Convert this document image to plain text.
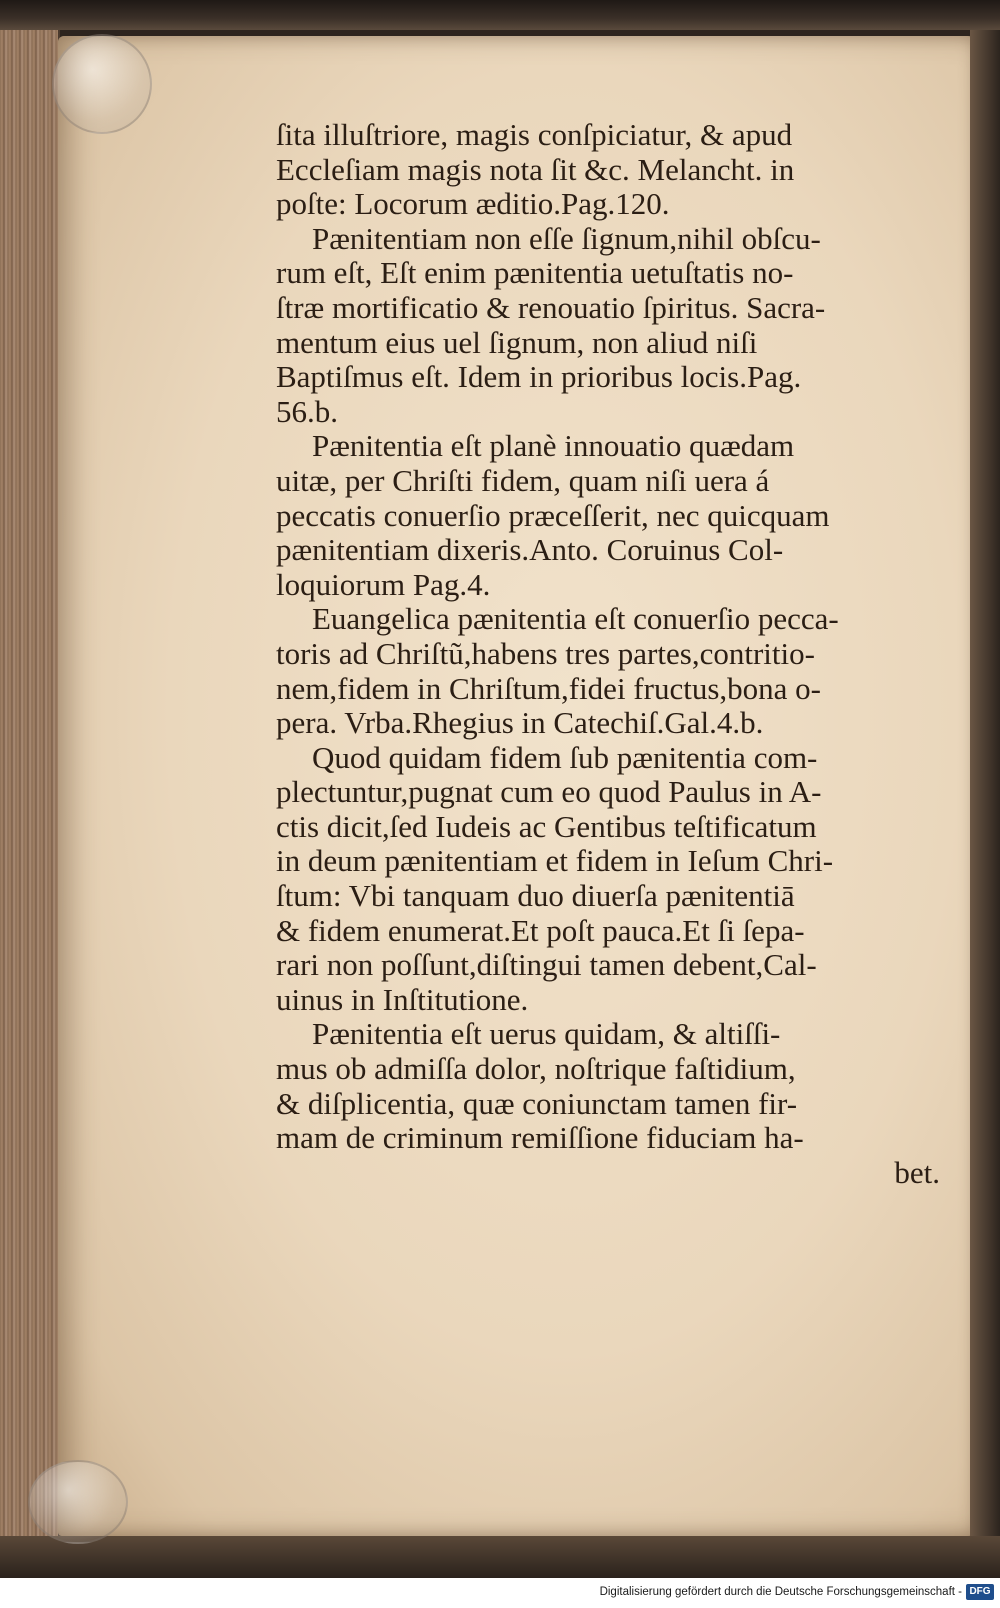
ſita illuſtriore, magis conſpiciatur, & apud
Eccleſiam magis nota ſit &c. Melancht. in
poſte: Locorum æditio.Pag.120.
Pænitentiam non eſſe ſignum,nihil obſcu-
rum eſt, Eſt enim pænitentia uetuſtatis no-
ſtræ mortificatio & renouatio ſpiritus. Sacra-
mentum eius uel ſignum, non aliud niſi
Baptiſmus eſt. Idem in prioribus locis.Pag.
56.b.
Pænitentia eſt planè innouatio quædam
uitæ, per Chriſti fidem, quam niſi uera á
peccatis conuerſio præceſſerit, nec quicquam
pænitentiam dixeris.Anto. Coruinus Col-
loquiorum Pag.4.
Euangelica pænitentia eſt conuerſio pecca-
toris ad Chriſtũ,habens tres partes,contritio-
nem,fidem in Chriſtum,fidei fructus,bona o-
pera. Vrba.Rhegius in Catechiſ.Gal.4.b.
Quod quidam fidem ſub pænitentia com-
plectuntur,pugnat cum eo quod Paulus in A-
ctis dicit,ſed Iudeis ac Gentibus teſtificatum
in deum pænitentiam et fidem in Ieſum Chri-
ſtum: Vbi tanquam duo diuerſa pænitentiā
& fidem enumerat.Et poſt pauca.Et ſi ſepa-
rari non poſſunt,diſtingui tamen debent,Cal-
uinus in Inſtitutione.
Pænitentia eſt uerus quidam, & altiſſi-
mus ob admiſſa dolor, noſtrique faſtidium,
& diſplicentia, quæ coniunctam tamen fir-
mam de criminum remiſſione fiduciam ha-
bet.
Digitalisierung gefördert durch die Deutsche Forschungsgemeinschaft - DFG
